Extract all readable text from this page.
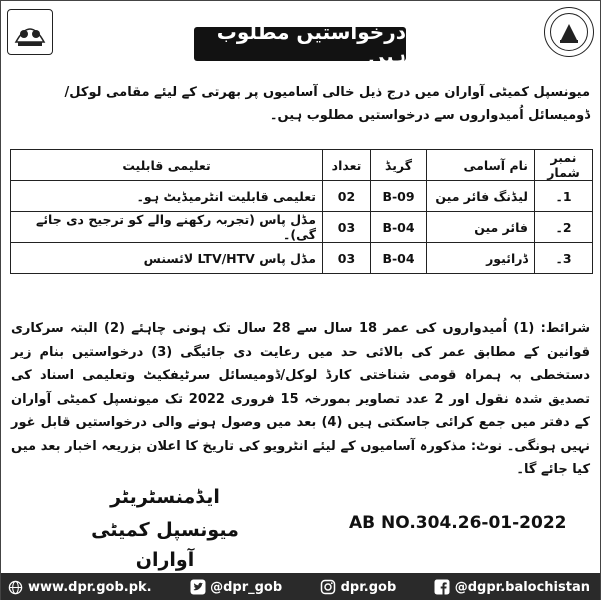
درخواستیں مطلوب ہیں
میونسپل کمیٹی آواران میں درج ذیل خالی آسامیوں پر بھرتی کے لیئے مقامی لوکل/ڈومیسائل اُمیدواروں سے درخواستیں مطلوب ہیں۔
نمبر شمار	نام آسامی	گریڈ	تعداد	تعلیمی قابلیت
1۔	لیڈنگ فائر مین	B-09	02	تعلیمی قابلیت انٹرمیڈیٹ ہو۔
2۔	فائر مین	B-04	03	مڈل پاس (تجربہ رکھنے والے کو ترجیح دی جائے گی)۔
3۔	ڈرائیور	B-04	03	مڈل پاس LTV/HTV لائسنس
شرائط: (1) اُمیدواروں کی عمر 18 سال سے 28 سال تک ہونی چاہئے (2) البتہ سرکاری قوانین کے مطابق عمر کی بالائی حد میں رعایت دی جائیگی (3) درخواستیں بنام زیر دستخطی بہ ہمراہ قومی شناختی کارڈ لوکل/ڈومیسائل سرٹیفکیٹ وتعلیمی اسناد کی تصدیق شدہ نقول اور 2 عدد تصاویر بمورخہ 15 فروری 2022 تک میونسپل کمیٹی آواران کے دفتر میں جمع کرائی جاسکتی ہیں (4) بعد میں وصول ہونے والی درخواستیں قابل غور نہیں ہونگی۔ نوٹ: مذکورہ آسامیوں کے لیئے انٹرویو کی تاریخ کا اعلان بزریعہ اخبار بعد میں کیا جائے گا۔
ایڈمنسٹریٹر
میونسپل کمیٹی آواران
AB NO.304.26-01-2022
www.dpr.gob.pk.	@dpr_gob	dpr.gob	@dgpr.balochistan
